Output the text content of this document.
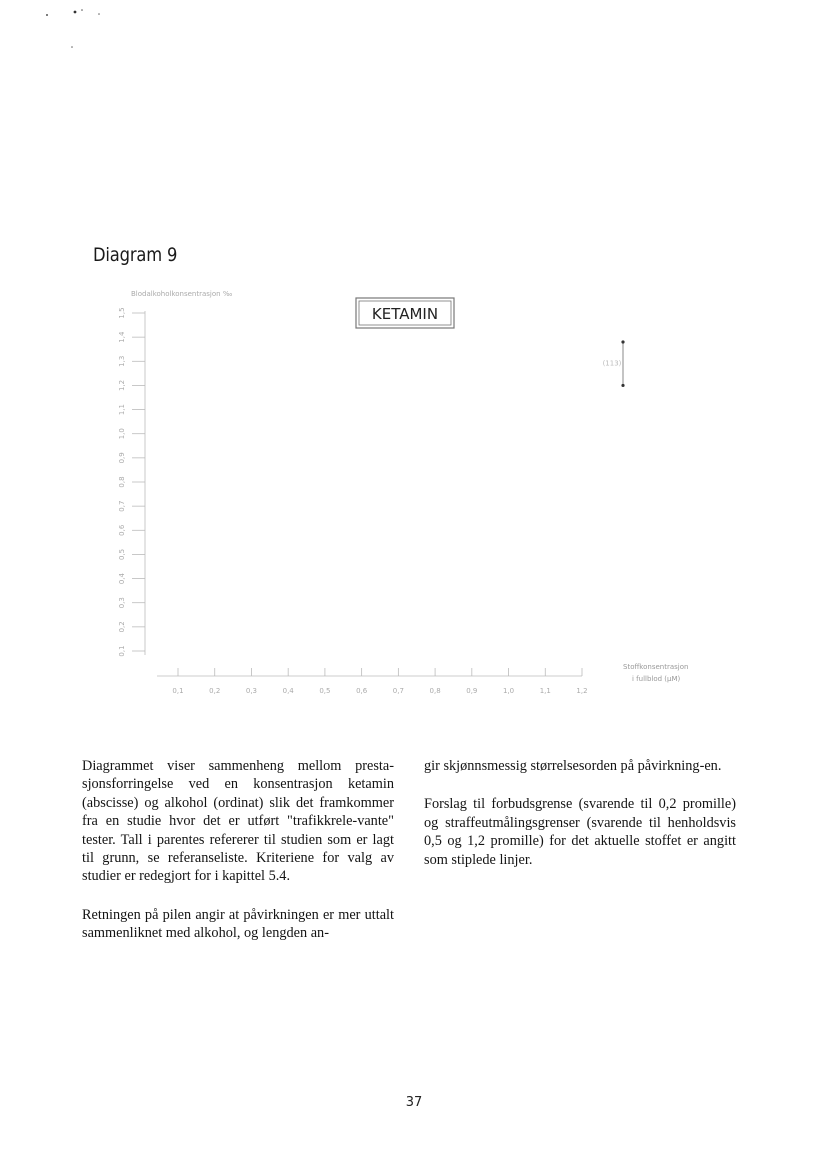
Diagram 9
KETAMIN
Blodalkoholkonsentrasjon ‰
Stoffkonsentrasjon
i fullblod (µM)
0,1
0,2
0,3
0,4
0,5
0,6
0,7
0,8
0,9
1,0
1,1
1,2
1,3
1,4
1,5
0,1	0,2	0,3	0,4	0,5	0,6	0,7	0,8	0,9	1,0	1,1	1,2
(113)

Diagrammet viser sammenheng mellom presta-sjonsforringelse ved en konsentrasjon ketamin (abscisse) og alkohol (ordinat) slik det framkommer fra en studie hvor det er utført "trafikkrele-vante" tester. Tall i parentes refererer til studien som er lagt til grunn, se referanseliste. Kriteriene for valg av studier er redegjort for i kapittel 5.4.

Retningen på pilen angir at påvirkningen er mer uttalt sammenliknet med alkohol, og lengden an-

gir skjønnsmessig størrelsesorden på påvirkning-en.

Forslag til forbudsgrense (svarende til 0,2 promille) og straffeutmålingsgrenser (svarende til henholdsvis 0,5 og 1,2 promille) for det aktuelle stoffet er angitt som stiplede linjer.

37
